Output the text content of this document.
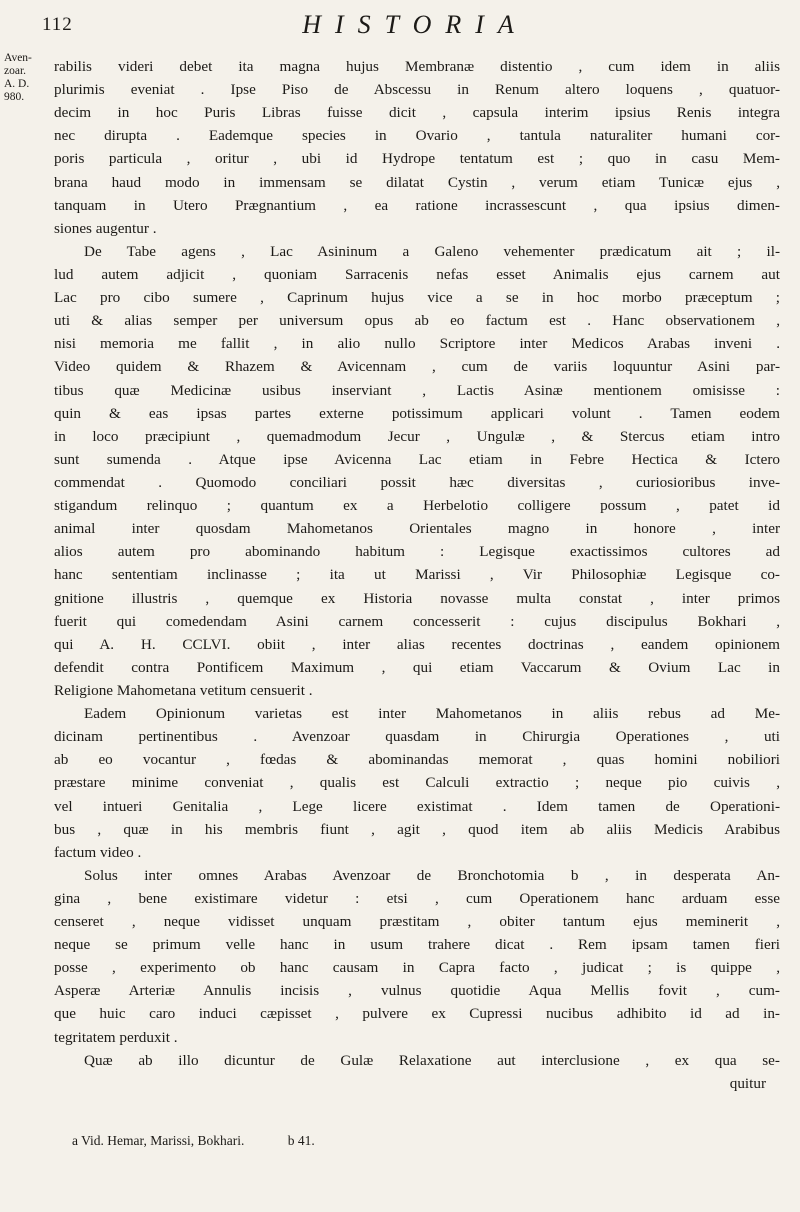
112	HISTORIA
Aven-
zoar.
A. D.
980.
rabilis videri debet ita magna hujus Membranæ distentio , cum idem in aliis
plurimis eveniat . Ipse Piso de Abscessu in Renum altero loquens , quatuor-
decim in hoc Puris Libras fuisse dicit , capsula interim ipsius Renis integra
nec dirupta . Eademque species in Ovario , tantula naturaliter humani cor-
poris particula , oritur , ubi id Hydrope tentatum est ; quo in casu Mem-
brana haud modo in immensam se dilatat Cystin , verum etiam Tunicæ ejus ,
tanquam in Utero Prægnantium , ea ratione incrassescunt , qua ipsius dimen-
siones augentur .
De Tabe agens , Lac Asininum a Galeno vehementer prædicatum ait ; il-
lud autem adjicit , quoniam Sarracenis nefas esset Animalis ejus carnem aut
Lac pro cibo sumere , Caprinum hujus vice a se in hoc morbo præceptum ;
uti & alias semper per universum opus ab eo factum est . Hanc observationem ,
nisi memoria me fallit , in alio nullo Scriptore inter Medicos Arabas inveni .
Video quidem & Rhazem & Avicennam , cum de variis loquuntur Asini par-
tibus quæ Medicinæ usibus inserviant , Lactis Asinæ mentionem omisisse :
quin & eas ipsas partes externe potissimum applicari volunt . Tamen eodem
in loco præcipiunt , quemadmodum Jecur , Ungulæ , & Stercus etiam intro
sunt sumenda . Atque ipse Avicenna Lac etiam in Febre Hectica & Ictero
commendat . Quomodo conciliari possit hæc diversitas , curiosioribus inve-
stigandum relinquo ; quantum ex a Herbelotio colligere possum , patet id
animal inter quosdam Mahometanos Orientales magno in honore , inter
alios autem pro abominando habitum : Legisque exactissimos cultores ad
hanc sententiam inclinasse ; ita ut Marissi , Vir Philosophiæ Legisque co-
gnitione illustris , quemque ex Historia novasse multa constat , inter primos
fuerit qui comedendam Asini carnem concesserit : cujus discipulus Bokhari ,
qui A. H. CCLVI. obiit , inter alias recentes doctrinas , eandem opinionem
defendit contra Pontificem Maximum , qui etiam Vaccarum & Ovium Lac in
Religione Mahometana vetitum censuerit .
Eadem Opinionum varietas est inter Mahometanos in aliis rebus ad Me-
dicinam pertinentibus . Avenzoar quasdam in Chirurgia Operationes , uti
ab eo vocantur , fœdas & abominandas memorat , quas homini nobiliori
præstare minime conveniat , qualis est Calculi extractio ; neque pio cuivis ,
vel intueri Genitalia , Lege licere existimat . Idem tamen de Operationi-
bus , quæ in his membris fiunt , agit , quod item ab aliis Medicis Arabibus
factum video .
Solus inter omnes Arabas Avenzoar de Bronchotomia b , in desperata An-
gina , bene existimare videtur : etsi , cum Operationem hanc arduam esse
censeret , neque vidisset unquam præstitam , obiter tantum ejus meminerit ,
neque se primum velle hanc in usum trahere dicat . Rem ipsam tamen fieri
posse , experimento ob hanc causam in Capra facto , judicat ; is quippe ,
Asperæ Arteriæ Annulis incisis , vulnus quotidie Aqua Mellis fovit , cum-
que huic caro induci cæpisset , pulvere ex Cupressi nucibus adhibito id ad in-
tegritatem perduxit .
Quæ ab illo dicuntur de Gulæ Relaxatione aut interclusione , ex qua se-
quitur
a Vid. Hemar, Marissi, Bokhari.	b 41.
